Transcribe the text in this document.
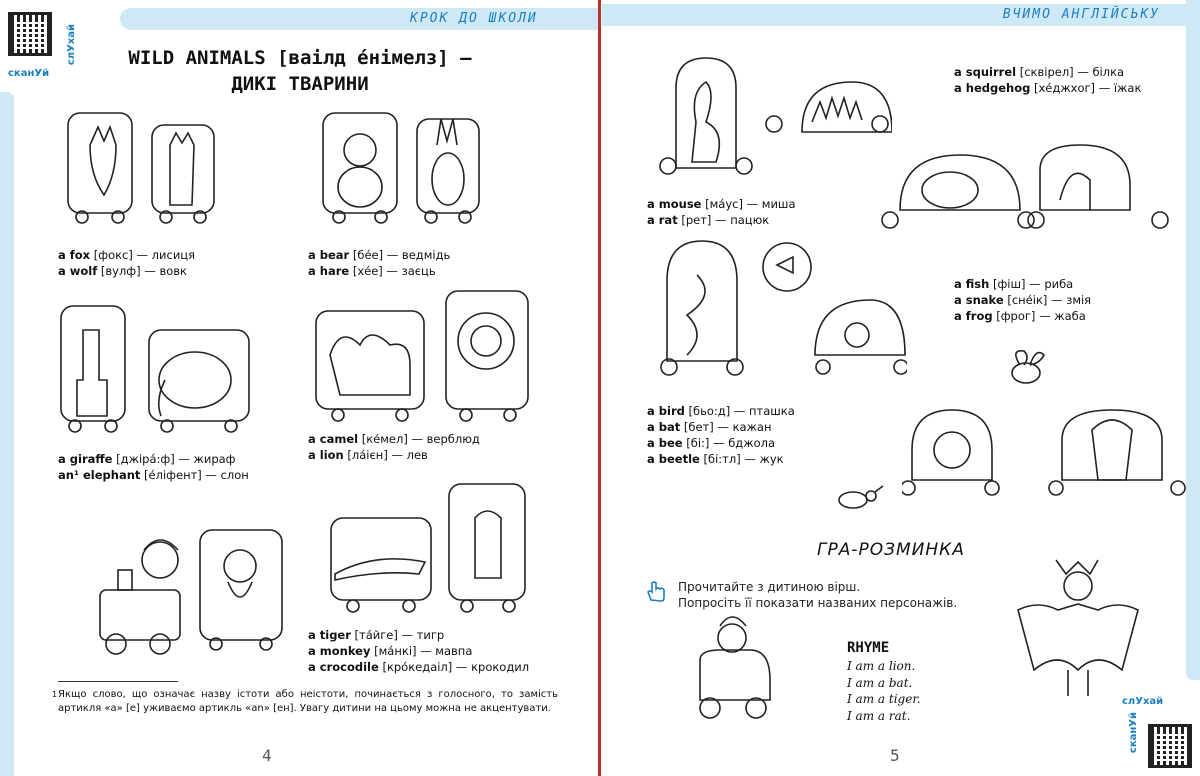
КРОК ДО ШКОЛИ
сканУй
слУхай	WILD ANIMALS [ваілд е́німелз] —
ДИКІ ТВАРИНИ
a fox [фокс] — лисиця
a wolf [вулф] — вовк
a bear [бе́е] — ведмідь
a hare [хе́е] — заєць
a giraffe [джіра́:ф] — жираф
an¹ elephant [е́ліфент] — слон
a camel [ке́мел] — верблюд
a lion [ла́ієн] — лев
a tiger [та́йге] — тигр
a monkey [ма́нкі] — мавпа
a crocodile [кро́кедаіл] — крокодил
1 Якщо слово, що означає назву істоти або неістоти, починається з голосного, то замість артикля «a» [е] уживаємо артикль «an» [ен]. Увагу дитини на цьому можна не акцентувати.
4
ВЧИМО АНГЛІЙСЬКУ
слУхай
сканУй
a squirrel [сквірел] — білка
a hedgehog [хе́джхог] — їжак
a mouse [ма́ус] — миша
a rat [рет] — пацюк
a fish [фіш] — риба
a snake [сне́ік] — змія
a frog [фрог] — жаба
a bird [бьо:д] — пташка
a bat [бет] — кажан
a bee [бі:] — бджола
a beetle [бі:тл] — жук
ГРА-РОЗМИНКА
Прочитайте з дитиною вірш.
Попросіть її показати названих персонажів.
RHYME
I am a lion.
I am a bat.
I am a tiger.
I am a rat.
5
